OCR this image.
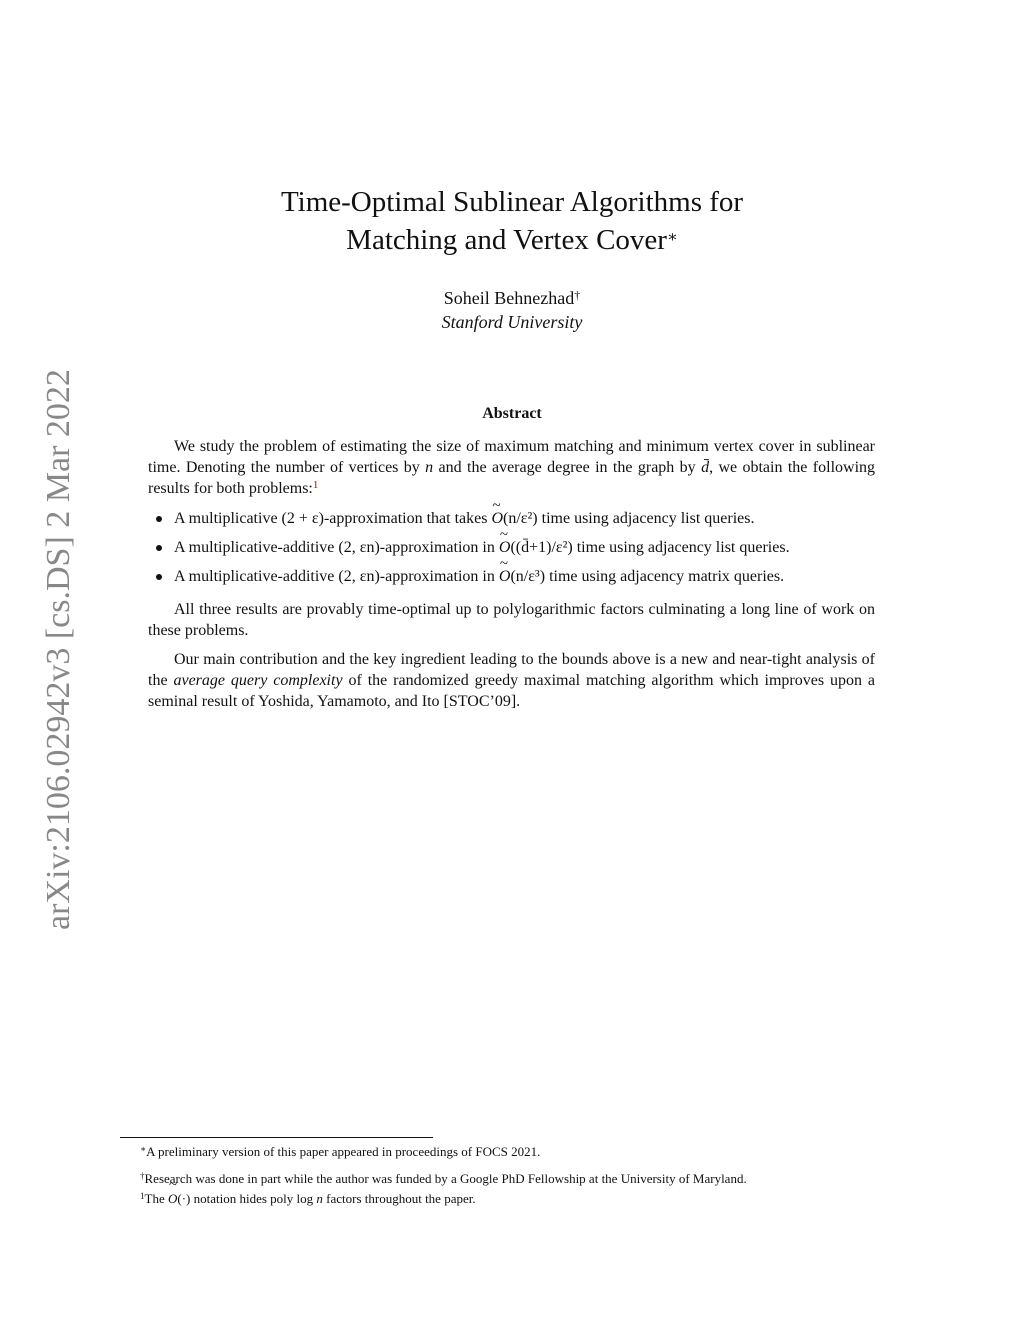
arXiv:2106.02942v3 [cs.DS] 2 Mar 2022
Time-Optimal Sublinear Algorithms for
Matching and Vertex Cover∗
Soheil Behnezhad†
Stanford University
Abstract
We study the problem of estimating the size of maximum matching and minimum vertex cover in sublinear time. Denoting the number of vertices by n and the average degree in the graph by d̄, we obtain the following results for both problems:$^1$
A multiplicative (2 + ε)-approximation that takes ~ O(n/ε²) time using adjacency list queries.
A multiplicative-additive (2, εn)-approximation in ~ O((d̄+1)/ε²) time using adjacency list queries.
A multiplicative-additive (2, εn)-approximation in ~ O(n/ε³) time using adjacency matrix queries.
All three results are provably time-optimal up to polylogarithmic factors culminating a long line of work on these problems.
Our main contribution and the key ingredient leading to the bounds above is a new and near-tight analysis of the average query complexity of the randomized greedy maximal matching algorithm which improves upon a seminal result of Yoshida, Yamamoto, and Ito [STOC’09].
∗A preliminary version of this paper appeared in proceedings of FOCS 2021.
†Research was done in part while the author was funded by a Google PhD Fellowship at the University of Maryland.
$^1$The ~ O(·) notation hides poly log n factors throughout the paper.
